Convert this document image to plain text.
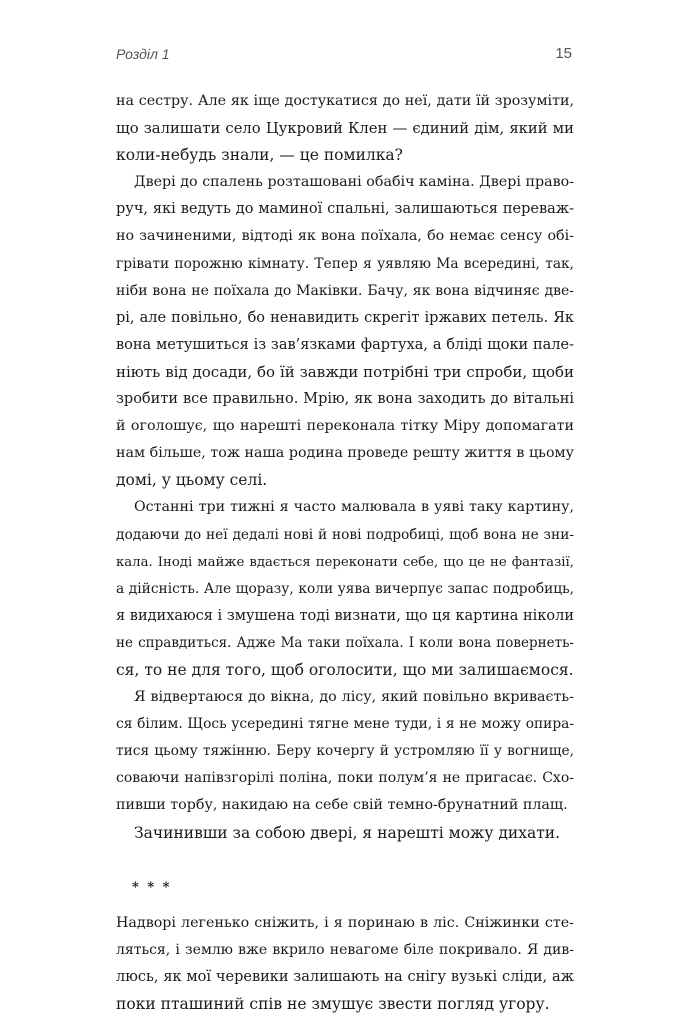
Розділ 1	15
на сестру. Але як іще достукатися до неї, дати їй зрозуміти,
що залишати село Цукровий Клен — єдиний дім, який ми
коли-небудь знали, — це помилка?
Двері до спалень розташовані обабіч каміна. Двері право-
руч, які ведуть до маминої спальні, залишаються переваж-
но зачиненими, відтоді як вона поїхала, бо немає сенсу обі-
грівати порожню кімнату. Тепер я уявляю Ма всередині, так,
ніби вона не поїхала до Маківки. Бачу, як вона відчиняє две-
рі, але повільно, бо ненавидить скрегіт іржавих петель. Як
вона метушиться із зав’язками фартуха, а бліді щоки пале-
ніють від досади, бо їй завжди потрібні три спроби, щоби
зробити все правильно. Мрію, як вона заходить до вітальні
й оголошує, що нарешті переконала тітку Міру допомагати
нам більше, тож наша родина проведе решту життя в цьому
домі, у цьому селі.
Останні три тижні я часто малювала в уяві таку картину,
додаючи до неї дедалі нові й нові подробиці, щоб вона не зни-
кала. Іноді майже вдається переконати себе, що це не фантазії,
а дійсність. Але щоразу, коли уява вичерпує запас подробиць,
я видихаюся і змушена тоді визнати, що ця картина ніколи
не справдиться. Адже Ма таки поїхала. І коли вона повернеть-
ся, то не для того, щоб оголосити, що ми залишаємося.
Я відвертаюся до вікна, до лісу, який повільно вкриваєть-
ся білим. Щось усередині тягне мене туди, і я не можу опира-
тися цьому тяжінню. Беру кочергу й устромляю її у вогнище,
соваючи напівзгорілі поліна, поки полум’я не пригасає. Схо-
пивши торбу, накидаю на себе свій темно-брунатний плащ.
Зачинивши за собою двері, я нарешті можу дихати.
* * *
Надворі легенько сніжить, і я поринаю в ліс. Сніжинки сте-
ляться, і землю вже вкрило невагоме біле покривало. Я див-
люсь, як мої черевики залишають на снігу вузькі сліди, аж
поки пташиний спів не змушує звести погляд угору.
